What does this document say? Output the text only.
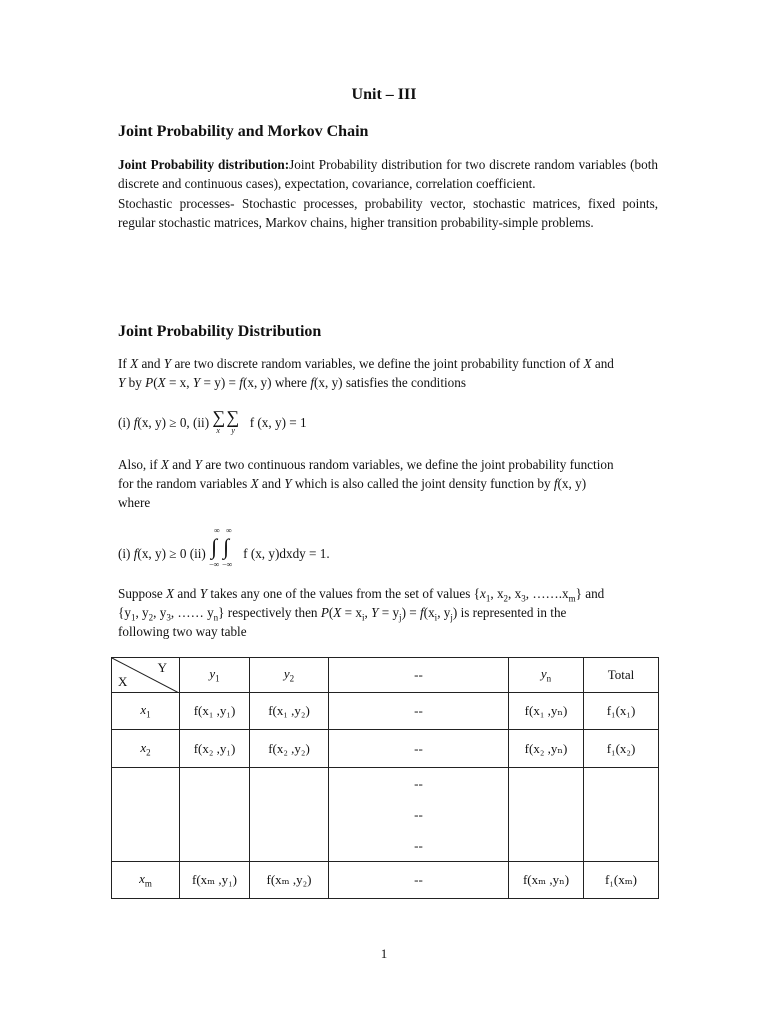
Unit – III
Joint Probability and Morkov Chain
Joint Probability distribution:Joint Probability distribution for two discrete random variables (both discrete and continuous cases), expectation, covariance, correlation coefficient.
Stochastic processes- Stochastic processes, probability vector, stochastic matrices, fixed points, regular stochastic matrices, Markov chains, higher transition probability-simple problems.
Joint Probability Distribution
If X and Y are two discrete random variables, we define the joint probability function of X and
Y by P(X = x, Y = y) = f(x, y) where f(x, y) satisfies the conditions
(i) f(x, y) ≥ 0, (ii) ∑ ∑
x y
f (x, y) = 1
Also, if X and Y are two continuous random variables, we define the joint probability function
for the random variables X and Y which is also called the joint density function by f(x, y)
where
(i) f(x, y) ≥ 0 (ii)
∞ ∞
∫ ∫
−∞ −∞
f (x, y)dxdy = 1.
Suppose X and Y takes any one of the values from the set of values {$x_1$, $x_2$, $x_3$, $\dots\dots.x_m$} and
{$y_1$, $y_2$, $y_3$, …… $y_n$} respectively then $P(X = x_i$, $Y = y_j) = f(x_i$, $y_j$) is represented in the
following two way table
Y
X	$y_1$	$y_2$	--	$y_n$	Total
$x_1$	f(x₁ ,y₁)	f(x₁ ,y₂)	--	f(x₁ ,yₙ)	f₁(x₁)
$x_2$	f(x₂ ,y₁)	f(x₂ ,y₂)	--	f(x₂ ,yₙ)	f₁(x₂)

			--
--
--		

$x_m$	f(xₘ ,y₁)	f(xₘ ,y₂)	--	f(xₘ ,yₙ)	f₁(xₘ)
1
